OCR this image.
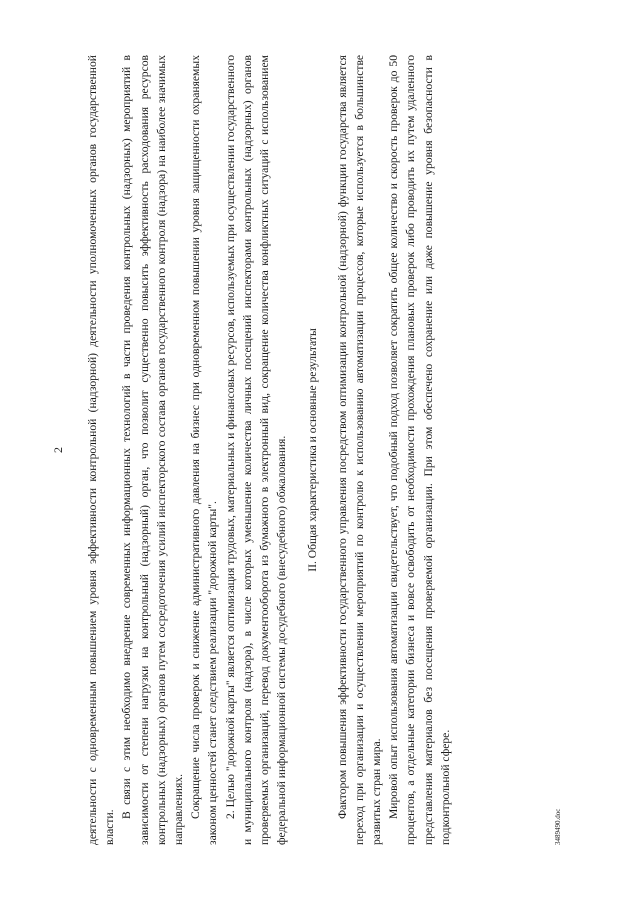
2 деятельности с одновременным повышением уровня эффективности контрольной (надзорной) деятельности уполномоченных органов государственной власти.

В связи с этим необходимо внедрение современных информационных технологий в части проведения контрольных (надзорных) мероприятий в зависимости от степени нагрузки на контрольный (надзорный) орган, что позволит существенно повысить эффективность расходования ресурсов контрольных (надзорных) органов путем сосредоточения усилий инспекторского состава органов государственного контроля (надзора) на наиболее значимых направлениях. Сокращение числа проверок и снижение административного давления на бизнес при одновременном повышении уровня защищенности охраняемых законом ценностей станет следствием реализации "дорожной карты". 2. Целью "дорожной карты" является оптимизация трудовых, материальных и финансовых ресурсов, используемых при осуществлении государственного и муниципального контроля (надзора), в числе которых уменьшение количества личных посещений инспекторами контрольных (надзорных) органов проверяемых организаций, перевод документооборота из бумажного в электронный вид, сокращение количества конфликтных ситуаций с использованием федеральной информационной системы досудебного (внесудебного) обжалования. II. Общая характеристика и основные результаты Фактором повышения эффективности государственного управления посредством оптимизации контрольной (надзорной) функции государства является переход при организации и осуществлении мероприятий по контролю к использованию автоматизации процессов, которые используется в большинстве развитых стран мира. Мировой опыт использования автоматизации свидетельствует, что подобный подход позволяет сократить общее количество и скорость проверок до 50 процентов, а отдельные категории бизнеса и вовсе освободить от необходимости прохождения плановых проверок либо проводить их путем удаленного представления материалов без посещения проверяемой организации. При этом обеспечено сохранение или даже повышение уровня безопасности в подконтрольной сфере.	3489490.doc
